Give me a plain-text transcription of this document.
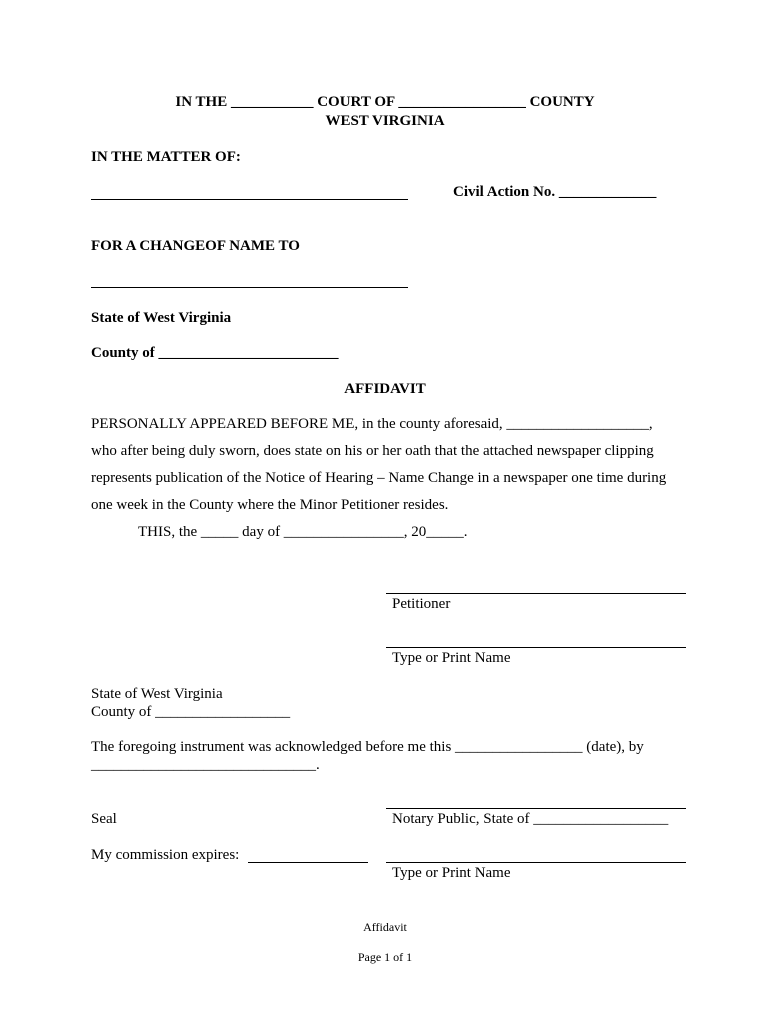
IN THE ___________ COURT OF _________________ COUNTY
WEST VIRGINIA
IN THE MATTER OF:
Civil Action No. _____________
FOR A CHANGEOF NAME TO
State of West Virginia
County of ________________________
AFFIDAVIT
PERSONALLY APPEARED BEFORE ME, in the county aforesaid, ___________________,
who after being duly sworn, does state on his or her oath that the attached newspaper clipping
represents publication of the Notice of Hearing – Name Change in a newspaper one time during
one week in the County where the Minor Petitioner resides.
THIS, the _____ day of ________________, 20_____.
Petitioner
Type or Print Name
State of West Virginia
County of __________________
The foregoing instrument was acknowledged before me this _________________ (date), by
______________________________.
Seal	Notary Public, State of __________________
My commission expires:
Type or Print Name
Affidavit
Page 1 of 1
